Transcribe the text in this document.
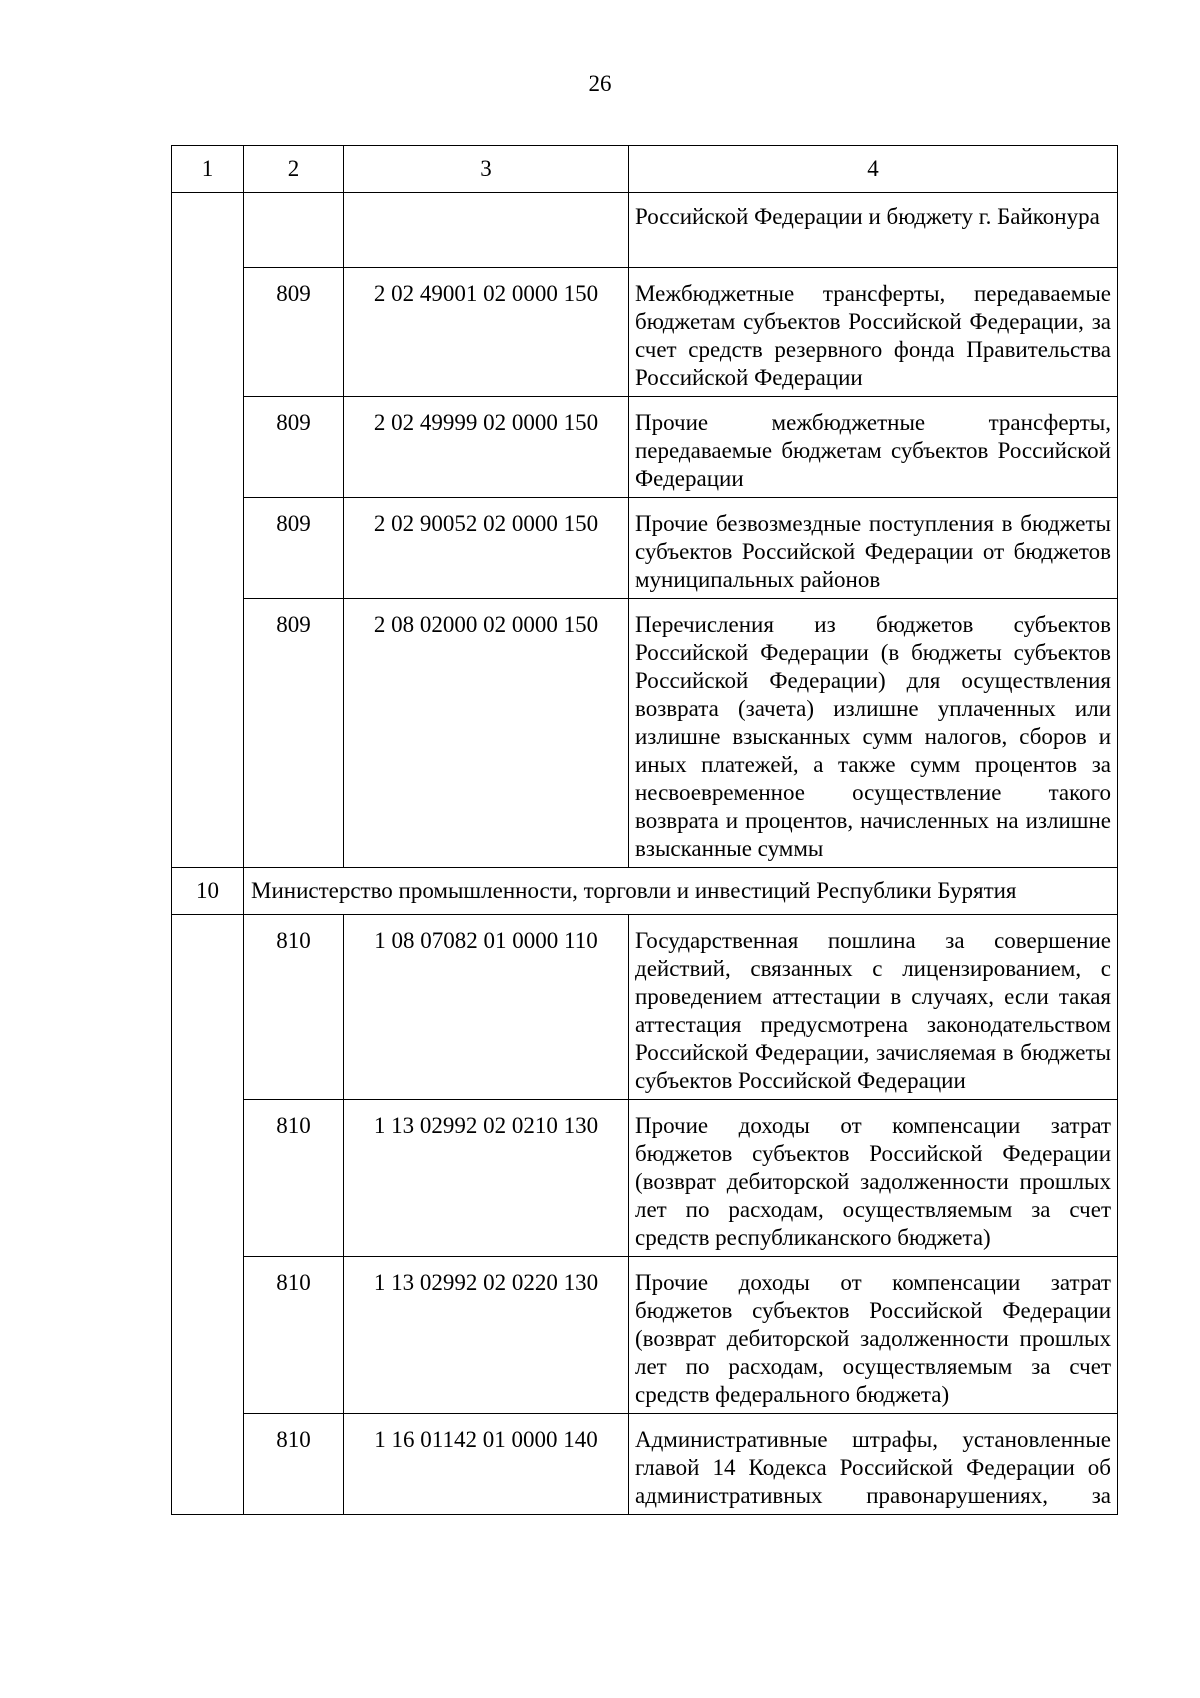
26
1	2	3	4
			Российской Федерации и бюджету г. Байконура
	809	2 02 49001 02 0000 150	Межбюджетные трансферты, передаваемые бюджетам субъектов Российской Федерации, за счет средств резервного фонда Правительства Российской Федерации
	809	2 02 49999 02 0000 150	Прочие межбюджетные трансферты, передаваемые бюджетам субъектов Российской Федерации
	809	2 02 90052 02 0000 150	Прочие безвозмездные поступления в бюджеты субъектов Российской Федерации от бюджетов муниципальных районов
	809	2 08 02000 02 0000 150	Перечисления из бюджетов субъектов Российской Федерации (в бюджеты субъектов Российской Федерации) для осуществления возврата (зачета) излишне уплаченных или излишне взысканных сумм налогов, сборов и иных платежей, а также сумм процентов за несвоевременное осуществление такого возврата и процентов, начисленных на излишне взысканные суммы
10	Министерство промышленности, торговли и инвестиций Республики Бурятия		
	810	1 08 07082 01 0000 110	Государственная пошлина за совершение действий, связанных с лицензированием, с проведением аттестации в случаях, если такая аттестация предусмотрена законодательством Российской Федерации, зачисляемая в бюджеты субъектов Российской Федерации
	810	1 13 02992 02 0210 130	Прочие доходы от компенсации затрат бюджетов субъектов Российской Федерации (возврат дебиторской задолженности прошлых лет по расходам, осуществляемым за счет средств республиканского бюджета)
	810	1 13 02992 02 0220 130	Прочие доходы от компенсации затрат бюджетов субъектов Российской Федерации (возврат дебиторской задолженности прошлых лет по расходам, осуществляемым за счет средств федерального бюджета)
	810	1 16 01142 01 0000 140	Административные штрафы, установленные главой 14 Кодекса Российской Федерации об административных правонарушениях, за
